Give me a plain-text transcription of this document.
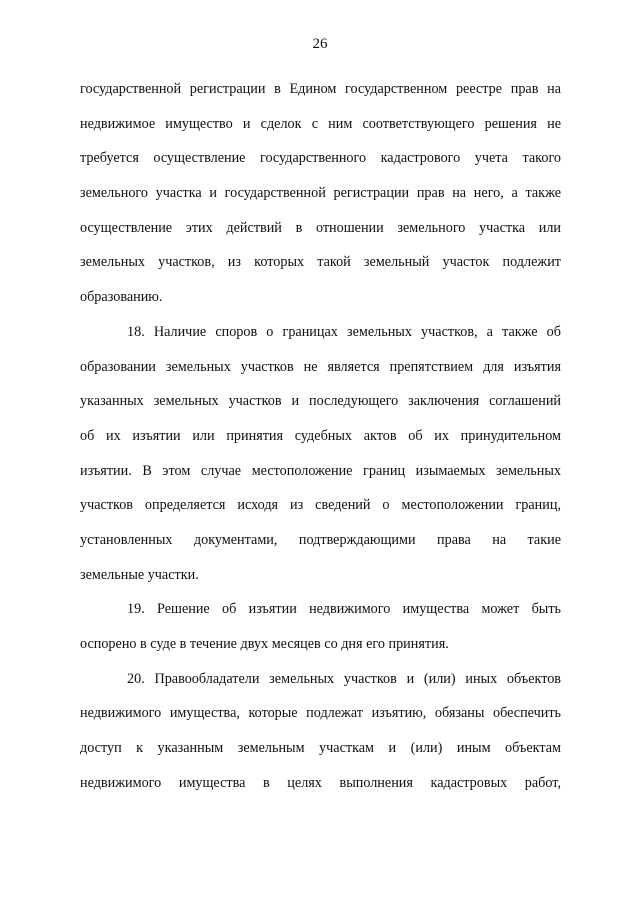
26
государственной регистрации в Едином государственном реестре прав на
недвижимое имущество и сделок с ним соответствующего решения не
требуется осуществление государственного кадастрового учета такого
земельного участка и государственной регистрации прав на него, а также
осуществление этих действий в отношении земельного участка или
земельных участков, из которых такой земельный участок подлежит
образованию.
18. Наличие споров о границах земельных участков, а также об
образовании земельных участков не является препятствием для изъятия
указанных земельных участков и последующего заключения соглашений
об их изъятии или принятия судебных актов об их принудительном
изъятии. В этом случае местоположение границ изымаемых земельных
участков определяется исходя из сведений о местоположении границ,
установленных документами, подтверждающими права на такие
земельные участки.
19. Решение об изъятии недвижимого имущества может быть
оспорено в суде в течение двух месяцев со дня его принятия.
20. Правообладатели земельных участков и (или) иных объектов
недвижимого имущества, которые подлежат изъятию, обязаны обеспечить
доступ к указанным земельным участкам и (или) иным объектам
недвижимого имущества в целях выполнения кадастровых работ,
